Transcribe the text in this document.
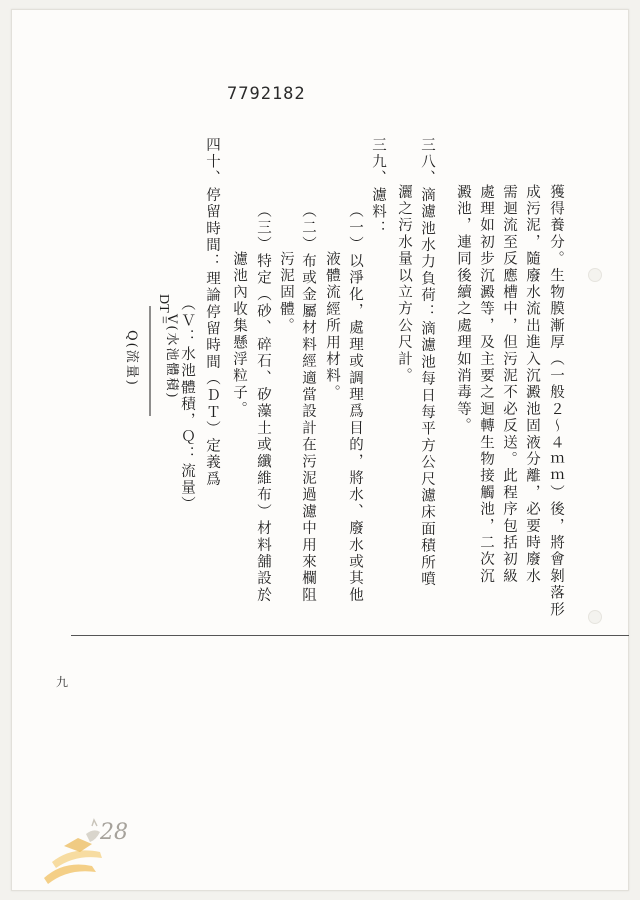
7792182
獲得養分。生物膜漸厚（一般２～４ｍｍ）後，將會剝落形
成污泥，隨廢水流出進入沉澱池固液分離，必要時廢水
需迴流至反應槽中，但污泥不必反送。此程序包括初級
處理如初步沉澱等，及主要之迴轉生物接觸池，二次沉
澱池，連同後續之處理如消毒等。
三八、滴濾池水力負荷：滴濾池每日每平方公尺濾床面積所噴
灑之污水量以立方公尺計。
三九、濾料：
（一）以淨化，處理或調理爲目的，將水、廢水或其他
液體流經所用材料。
（二）布或金屬材料經適當設計在污泥過濾中用來欄阻
污泥固體。
（三）特定（砂、碎石、矽藻土或纖維布）材料舖設於
濾池內收集懸浮粒子。
四十、停留時間：理論停留時間（ＤＴ）定義爲
（Ｖ：水池體積，Ｑ：流量）
DT =
V(水池體積)
Q(流量)
九
28
